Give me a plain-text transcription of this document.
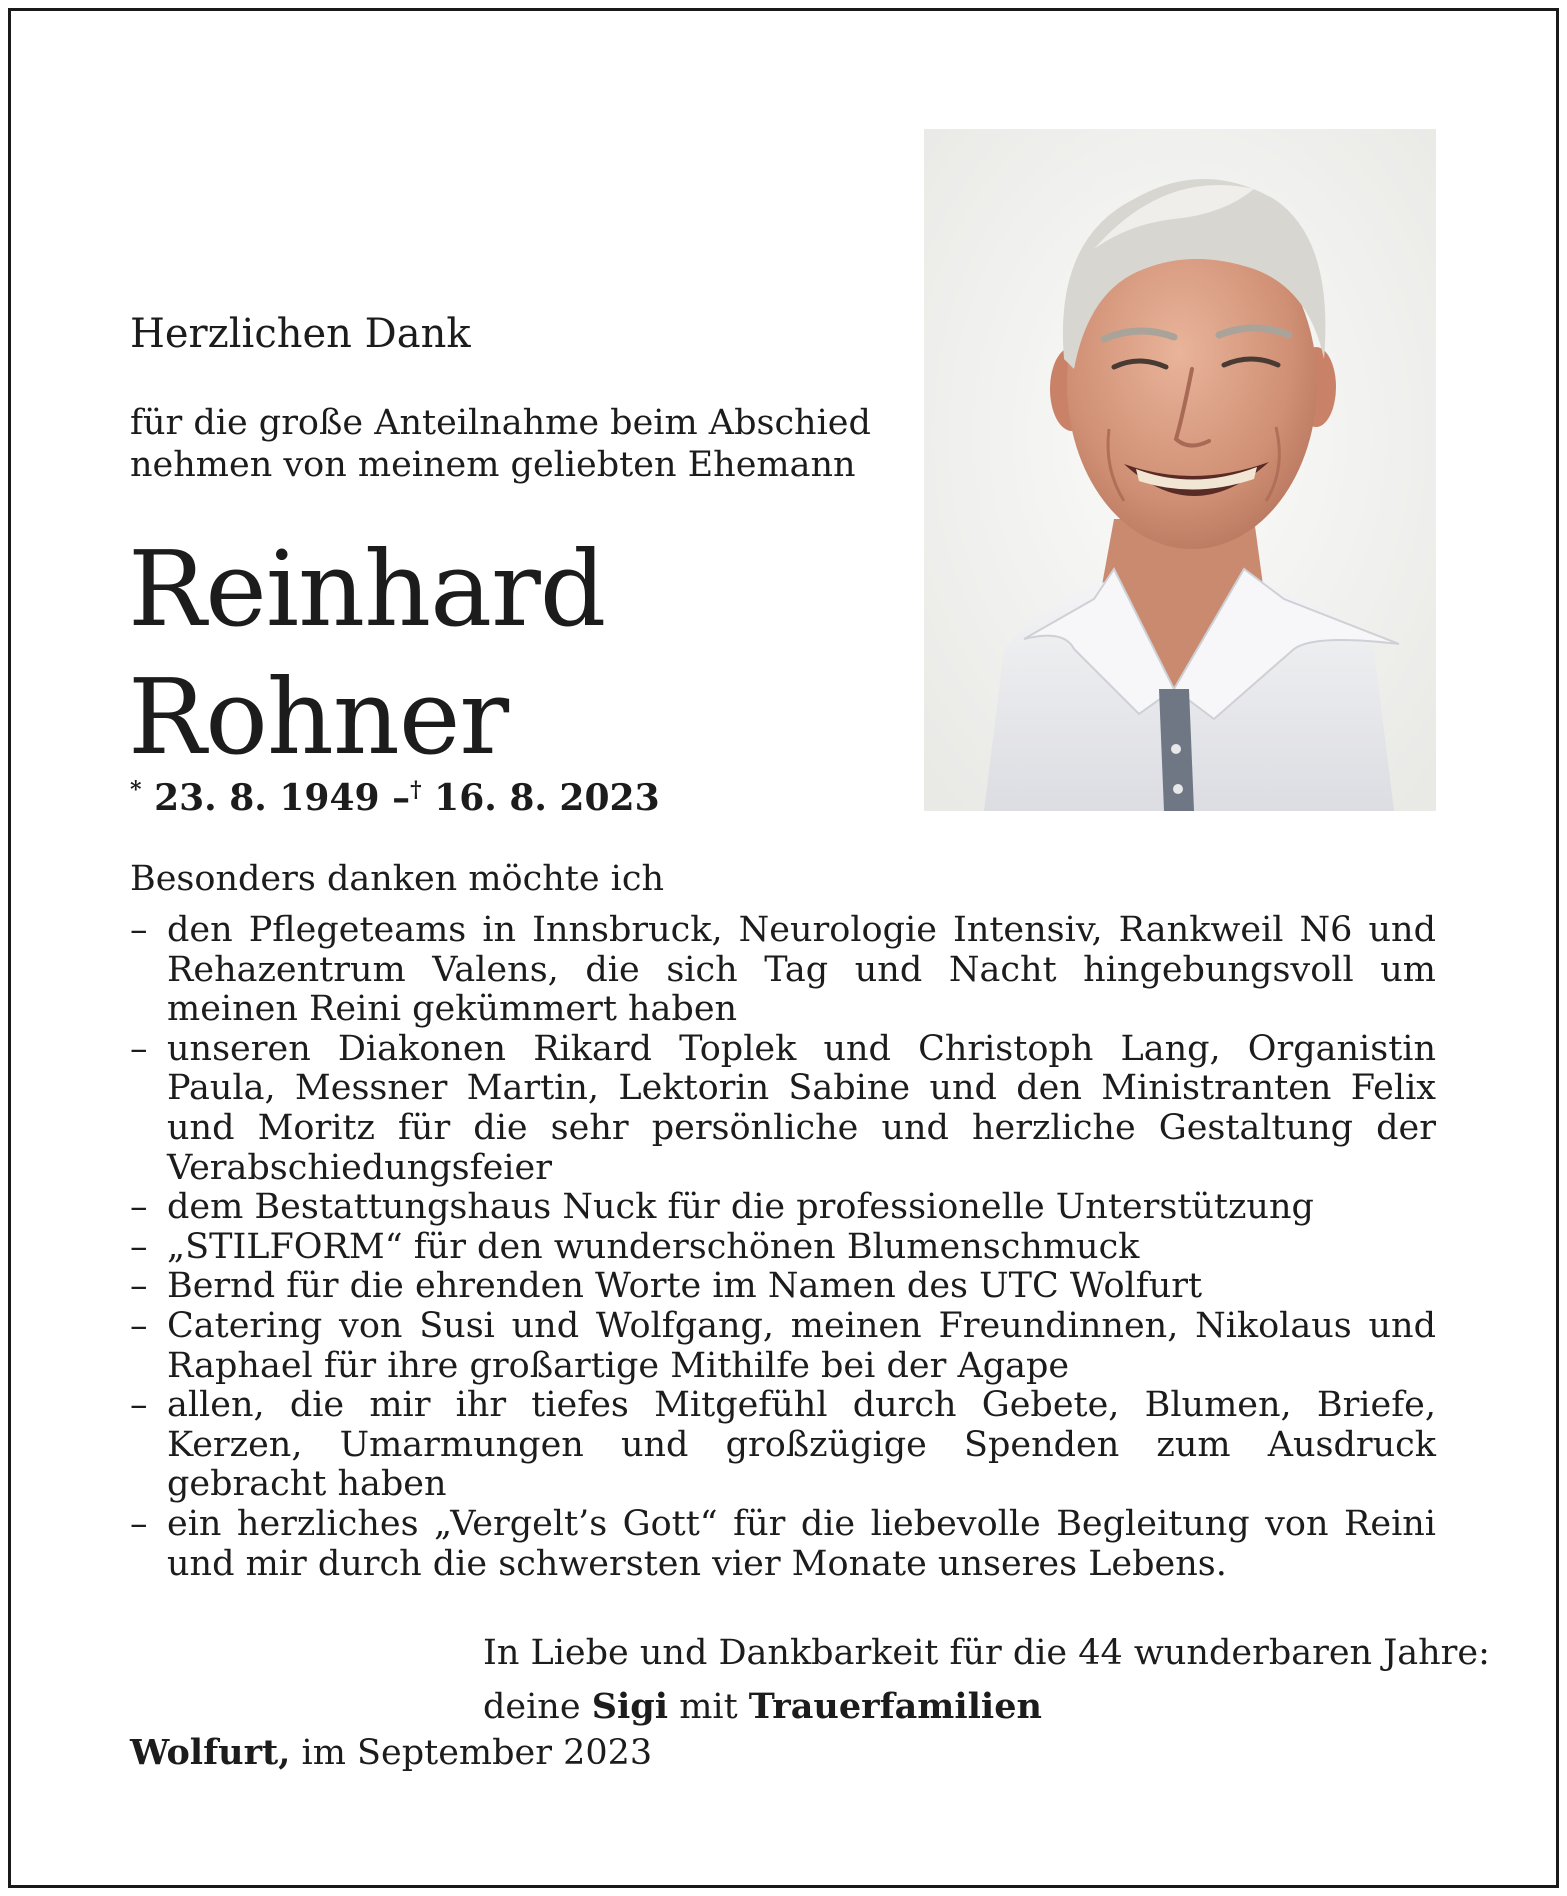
Herzlichen Dank
für die große Anteilnahme beim Abschied
nehmen von meinem geliebten Ehemann
Reinhard
Rohner
* 23. 8. 1949 –† 16. 8. 2023
Besonders danken möchte ich
– den Pflegeteams in Innsbruck, Neurologie Intensiv, Rankweil N6 und Rehazentrum Valens, die sich Tag und Nacht hingebungsvoll um meinen Reini gekümmert haben
– unseren Diakonen Rikard Toplek und Christoph Lang, Organistin Paula, Messner Martin, Lektorin Sabine und den Ministranten Felix und Moritz für die sehr persönliche und herzliche Gestaltung der Verabschiedungsfeier
– dem Bestattungshaus Nuck für die professionelle Unterstützung
– „STILFORM“ für den wunderschönen Blumenschmuck
– Bernd für die ehrenden Worte im Namen des UTC Wolfurt
– Catering von Susi und Wolfgang, meinen Freundinnen, Nikolaus und Raphael für ihre großartige Mithilfe bei der Agape
– allen, die mir ihr tiefes Mitgefühl durch Gebete, Blumen, Briefe, Kerzen, Umarmungen und großzügige Spenden zum Ausdruck gebracht haben
– ein herzliches „Vergelt’s Gott“ für die liebevolle Begleitung von Reini und mir durch die schwersten vier Monate unseres Lebens.
In Liebe und Dankbarkeit für die 44 wunderbaren Jahre:
deine Sigi mit Trauerfamilien
Wolfurt, im September 2023
